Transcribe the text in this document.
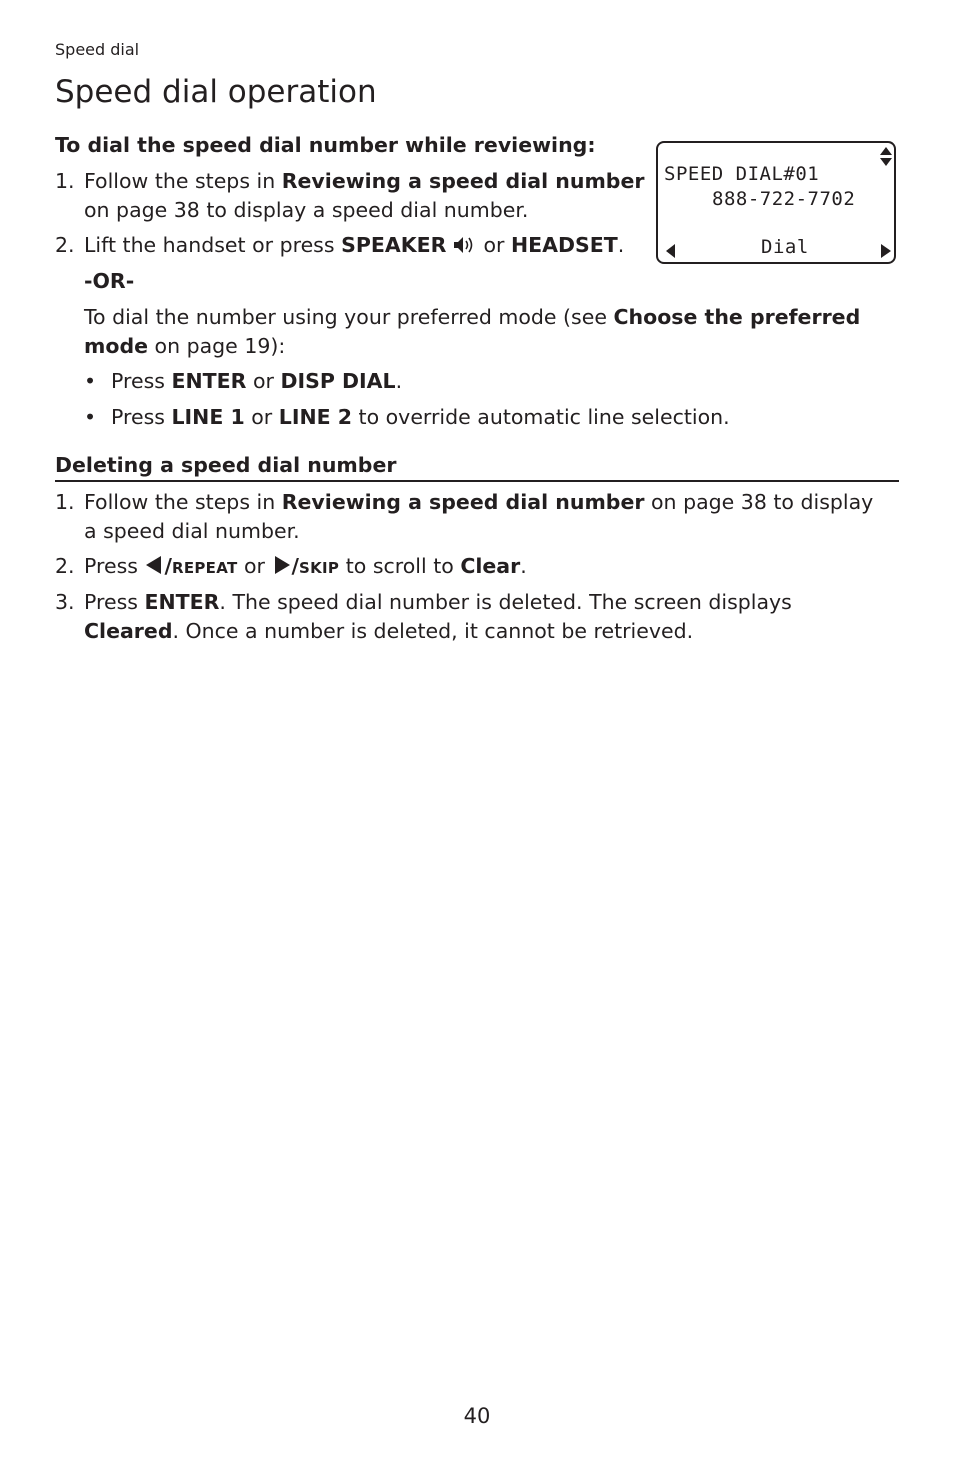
Speed dial
Speed dial operation
To dial the speed dial number while reviewing:
1. Follow the steps in Reviewing a speed dial number
on page 38 to display a speed dial number.
2. Lift the handset or press SPEAKER  or HEADSET.
-OR-
To dial the number using your preferred mode (see Choose the preferred
mode on page 19):
• Press ENTER or DISP DIAL.
• Press LINE 1 or LINE 2 to override automatic line selection.
SPEED DIAL#01
888-722-7702
Dial
Deleting a speed dial number
1. Follow the steps in Reviewing a speed dial number on page 38 to display
a speed dial number.
2. Press /REPEAT or /SKIP to scroll to Clear.
3. Press ENTER. The speed dial number is deleted. The screen displays
Cleared. Once a number is deleted, it cannot be retrieved.
40
